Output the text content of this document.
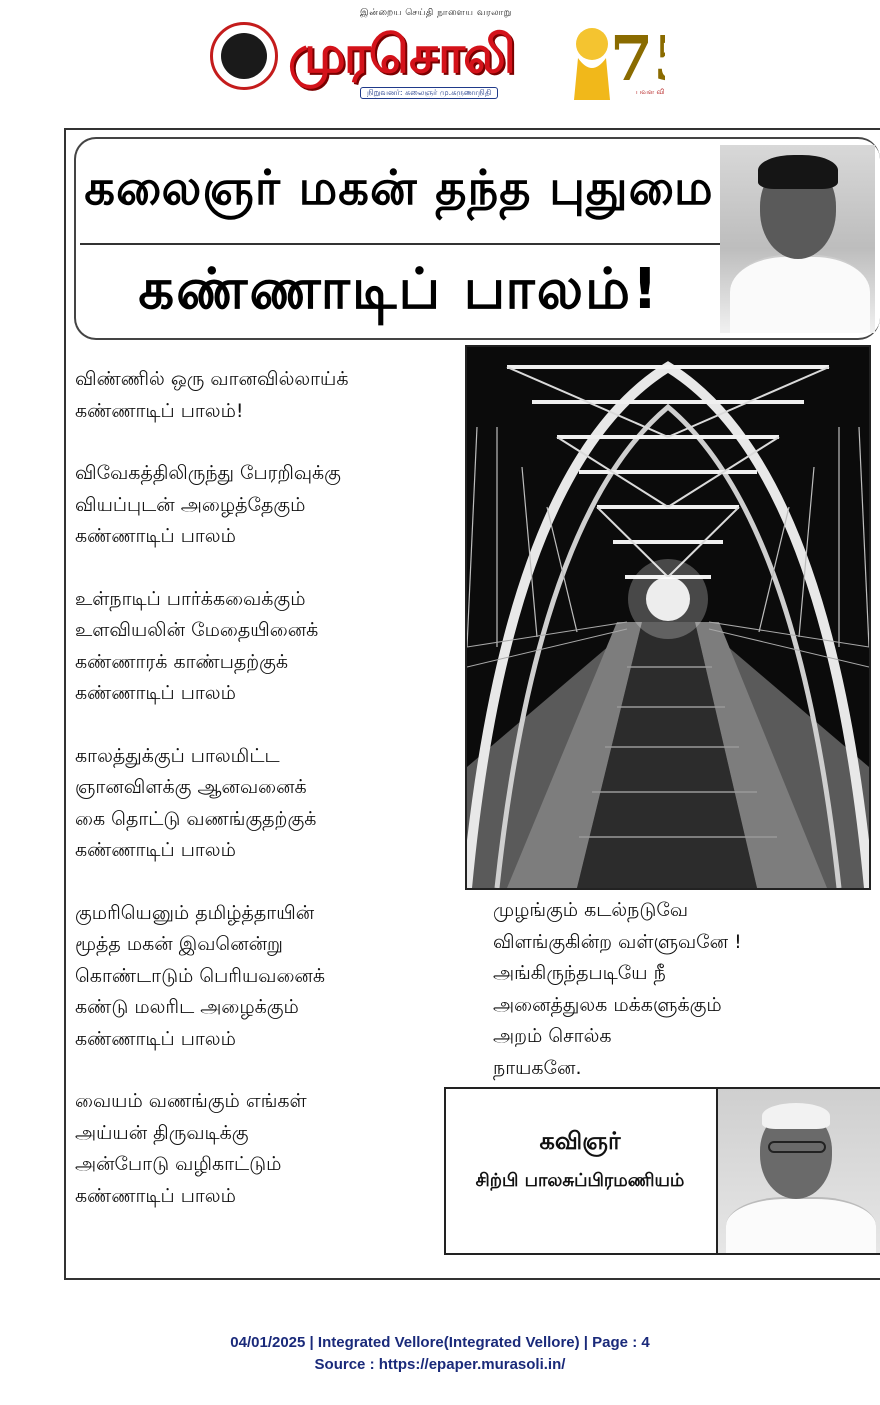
இன்றைய செய்தி நாளைய வரலாறு
முரசொலி
நிறுவனர்: கலைஞர் மு.கருணாநிதி 7
பவள வி
கலைஞர் மகன் தந்த புதுமை
கண்ணாடிப் பாலம்!
விண்ணில் ஒரு வானவில்லாய்க்
கண்ணாடிப் பாலம்!
விவேகத்திலிருந்து பேரறிவுக்கு
வியப்புடன் அழைத்தேகும்
கண்ணாடிப் பாலம்
உள்நாடிப் பார்க்கவைக்கும்
உளவியலின் மேதையினைக்
கண்ணாரக் காண்பதற்குக்
கண்ணாடிப் பாலம்
காலத்துக்குப் பாலமிட்ட
ஞானவிளக்கு ஆனவனைக்
கை தொட்டு வணங்குதற்குக்
கண்ணாடிப் பாலம்
குமரியெனும் தமிழ்த்தாயின்
மூத்த மகன் இவனென்று
கொண்டாடும் பெரியவனைக்
கண்டு மலரிட அழைக்கும்
கண்ணாடிப் பாலம்
வையம் வணங்கும் எங்கள்
அய்யன் திருவடிக்கு
அன்போடு வழிகாட்டும்
கண்ணாடிப் பாலம்
முழங்கும் கடல்நடுவே
விளங்குகின்ற வள்ளுவனே !
அங்கிருந்தபடியே நீ
அனைத்துலக மக்களுக்கும்
அறம் சொல்க
நாயகனே.
கவிஞர்
சிற்பி பாலசுப்பிரமணியம்
04/01/2025 | Integrated Vellore(Integrated Vellore) | Page : 4
Source : https://epaper.murasoli.in/
